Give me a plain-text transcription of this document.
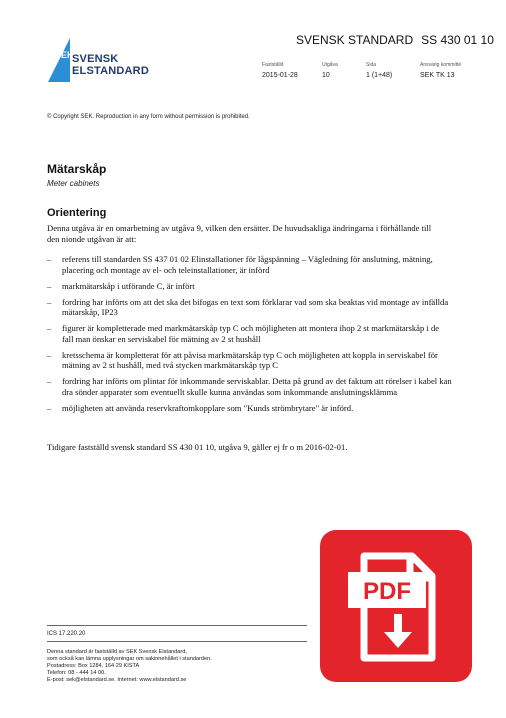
SEK
SVENSK
ELSTANDARD
SVENSK STANDARD SS 430 01 10
Fastställd	Utgåva	Sida	Ansvarig kommitté
2015-01-28	10	1 (1+48)	SEK TK 13
© Copyright SEK. Reproduction in any form without permission is prohibited.
Mätarskåp
Meter cabinets
Orientering

Denna utgåva är en omarbetning av utgåva 9, vilken den ersätter. De huvudsakliga ändringarna i förhållande till den nionde utgåvan är att:

– referens till standarden SS 437 01 02 Elinstallationer för lågspänning – Vägledning för anslutning, mätning, placering och montage av el- och teleinstallationer, är införd
– markmätarskåp i utförande C, är infört
– fordring har införts om att det ska det bifogas en text som förklarar vad som ska beaktas vid montage av infällda mätarskåp, IP23
– figurer är kompletterade med markmätarskåp typ C och möjligheten att montera ihop 2 st markmätarskåp i de fall man önskar en serviskabel för mätning av 2 st hushåll
– kretsschema är kompletterat för att påvisa markmätarskåp typ C och möjligheten att koppla in serviskabel för mätning av 2 st hushåll, med två stycken markmätarskåp typ C
– fordring har införts om plintar för inkommande serviskablar. Detta på grund av det faktum att rörelser i kabel kan dra sönder apparater som eventuellt skulle kunna användas som inkommande anslutningsklämma
– möjligheten att använda reservkraftomkopplare som "Kunds strömbrytare" är införd.

Tidigare fastställd svensk standard SS 430 01 10, utgåva 9, gäller ej fr o m 2016-02-01.

PDF
ICS 17.220.20
Denna standard är fastställd av SEK Svensk Elstandard,
som också kan lämna upplysningar om sakinnehållet i standarden.
Postadress: Box 1284, 164 29 KISTA
Telefon: 08 - 444 14 00.
E-post: sek@elstandard.se. Internet: www.elstandard.se
